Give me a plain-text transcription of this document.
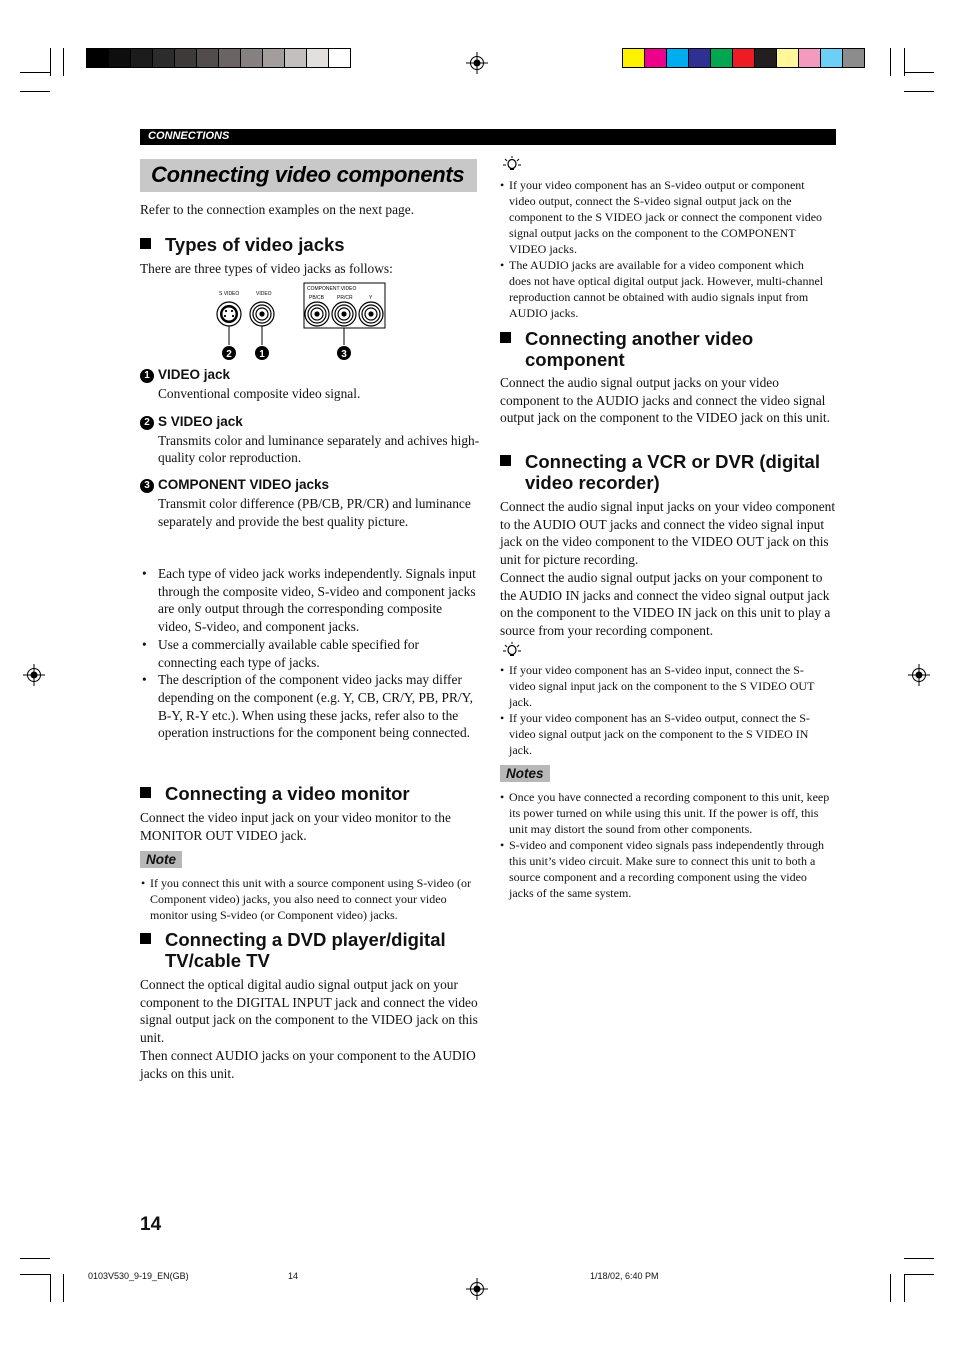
CONNECTIONS
Connecting video components
Refer to the connection examples on the next page.
Types of video jacks
There are three types of video jacks as follows:
S VIDEO	VIDEO
COMPONENT VIDEO
PB/CB	PR/CR	Y
2	1	3
1 VIDEO jack
Conventional composite video signal.
2 S VIDEO jack
Transmits color and luminance separately and achives high-quality color reproduction.
3 COMPONENT VIDEO jacks
Transmit color difference (PB/CB, PR/CR) and luminance separately and provide the best quality picture.
• Each type of video jack works independently. Signals input through the composite video, S-video and component jacks are only output through the corresponding composite video, S-video, and component jacks.
• Use a commercially available cable specified for connecting each type of jacks.
• The description of the component video jacks may differ depending on the component (e.g. Y, CB, CR/Y, PB, PR/Y, B-Y, R-Y etc.). When using these jacks, refer also to the operation instructions for the component being connected.
Connecting a video monitor
Connect the video input jack on your video monitor to the MONITOR OUT VIDEO jack.
Note
• If you connect this unit with a source component using S-video (or Component video) jacks, you also need to connect your video monitor using S-video (or Component video) jacks.
Connecting a DVD player/digital
TV/cable TV
Connect the optical digital audio signal output jack on your component to the DIGITAL INPUT jack and connect the video signal output jack on the component to the VIDEO jack on this unit.
Then connect AUDIO jacks on your component to the AUDIO jacks on this unit.
• If your video component has an S-video output or component video output, connect the S-video signal output jack on the component to the S VIDEO jack or connect the component video signal output jacks on the component to the COMPONENT VIDEO jacks.
• The AUDIO jacks are available for a video component which does not have optical digital output jack. However, multi-channel reproduction cannot be obtained with audio signals input from AUDIO jacks.
Connecting another video
component
Connect the audio signal output jacks on your video component to the AUDIO jacks and connect the video signal output jack on the component to the VIDEO jack on this unit.
Connecting a VCR or DVR (digital
video recorder)
Connect the audio signal input jacks on your video component to the AUDIO OUT jacks and connect the video signal input jack on the video component to the VIDEO OUT jack on this unit for picture recording.
Connect the audio signal output jacks on your component to the AUDIO IN jacks and connect the video signal output jack on the component to the VIDEO IN jack on this unit to play a source from your recording component.
• If your video component has an S-video input, connect the S-video signal input jack on the component to the S VIDEO OUT jack.
• If your video component has an S-video output, connect the S-video signal output jack on the component to the S VIDEO IN jack.
Notes
• Once you have connected a recording component to this unit, keep its power turned on while using this unit. If the power is off, this unit may distort the sound from other components.
• S-video and component video signals pass independently through this unit’s video circuit. Make sure to connect this unit to both a source component and a recording component using the video jacks of the same system.
14
0103V530_9-19_EN(GB)	14	1/18/02, 6:40 PM
